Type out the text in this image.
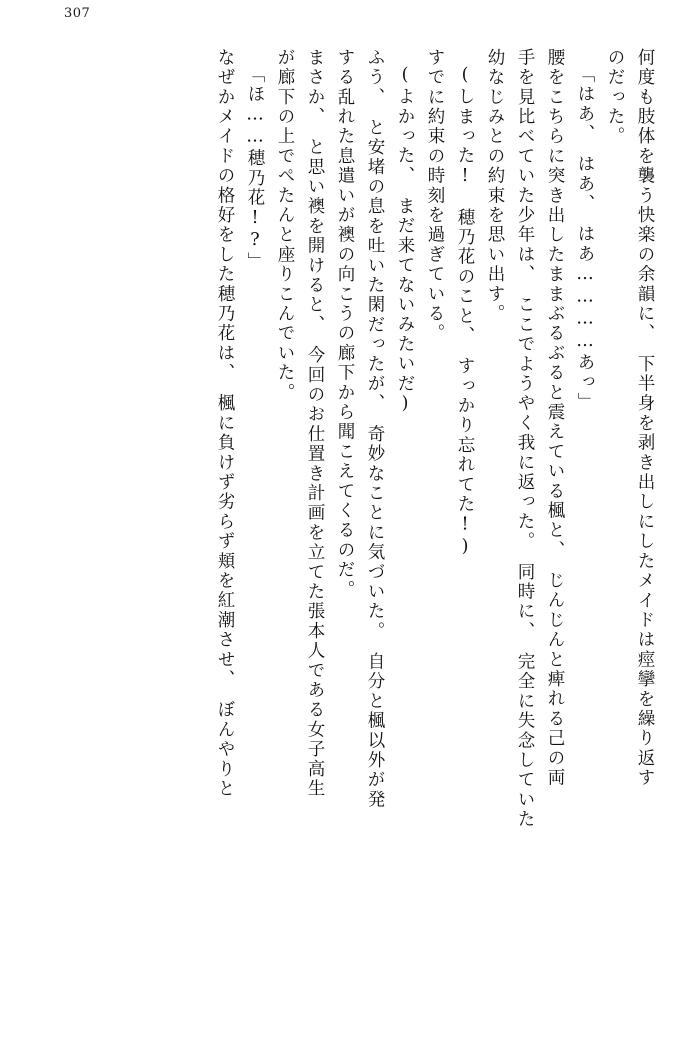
307
何度も肢体を襲う快楽の余韻に、　下半身を剥き出しにしたメイドは痙攣を繰り返す
のだった。
「はあ、　はあ、　はあ…………あっ」
腰をこちらに突き出したままぶるぶると震えている楓と、　じんじんと痺れる己の両
手を見比べていた少年は、　ここでようやく我に返った。　同時に、　完全に失念していた
幼なじみとの約束を思い出す。
(しまった!　穂乃花のこと、　すっかり忘れてた!)
すでに約束の時刻を過ぎている。
(よかった、　まだ来てないみたいだ)
ふう、　と安堵の息を吐いた閑だったが、　奇妙なことに気づいた。　自分と楓以外が発
する乱れた息遣いが襖の向こうの廊下から聞こえてくるのだ。
まさか、　と思い襖を開けると、　今回のお仕置き計画を立てた張本人である女子高生
が廊下の上でぺたんと座りこんでいた。
「ほ……穂乃花!?」
なぜかメイドの格好をした穂乃花は、　楓に負けず劣らず頬を紅潮させ、　ぼんやりと
